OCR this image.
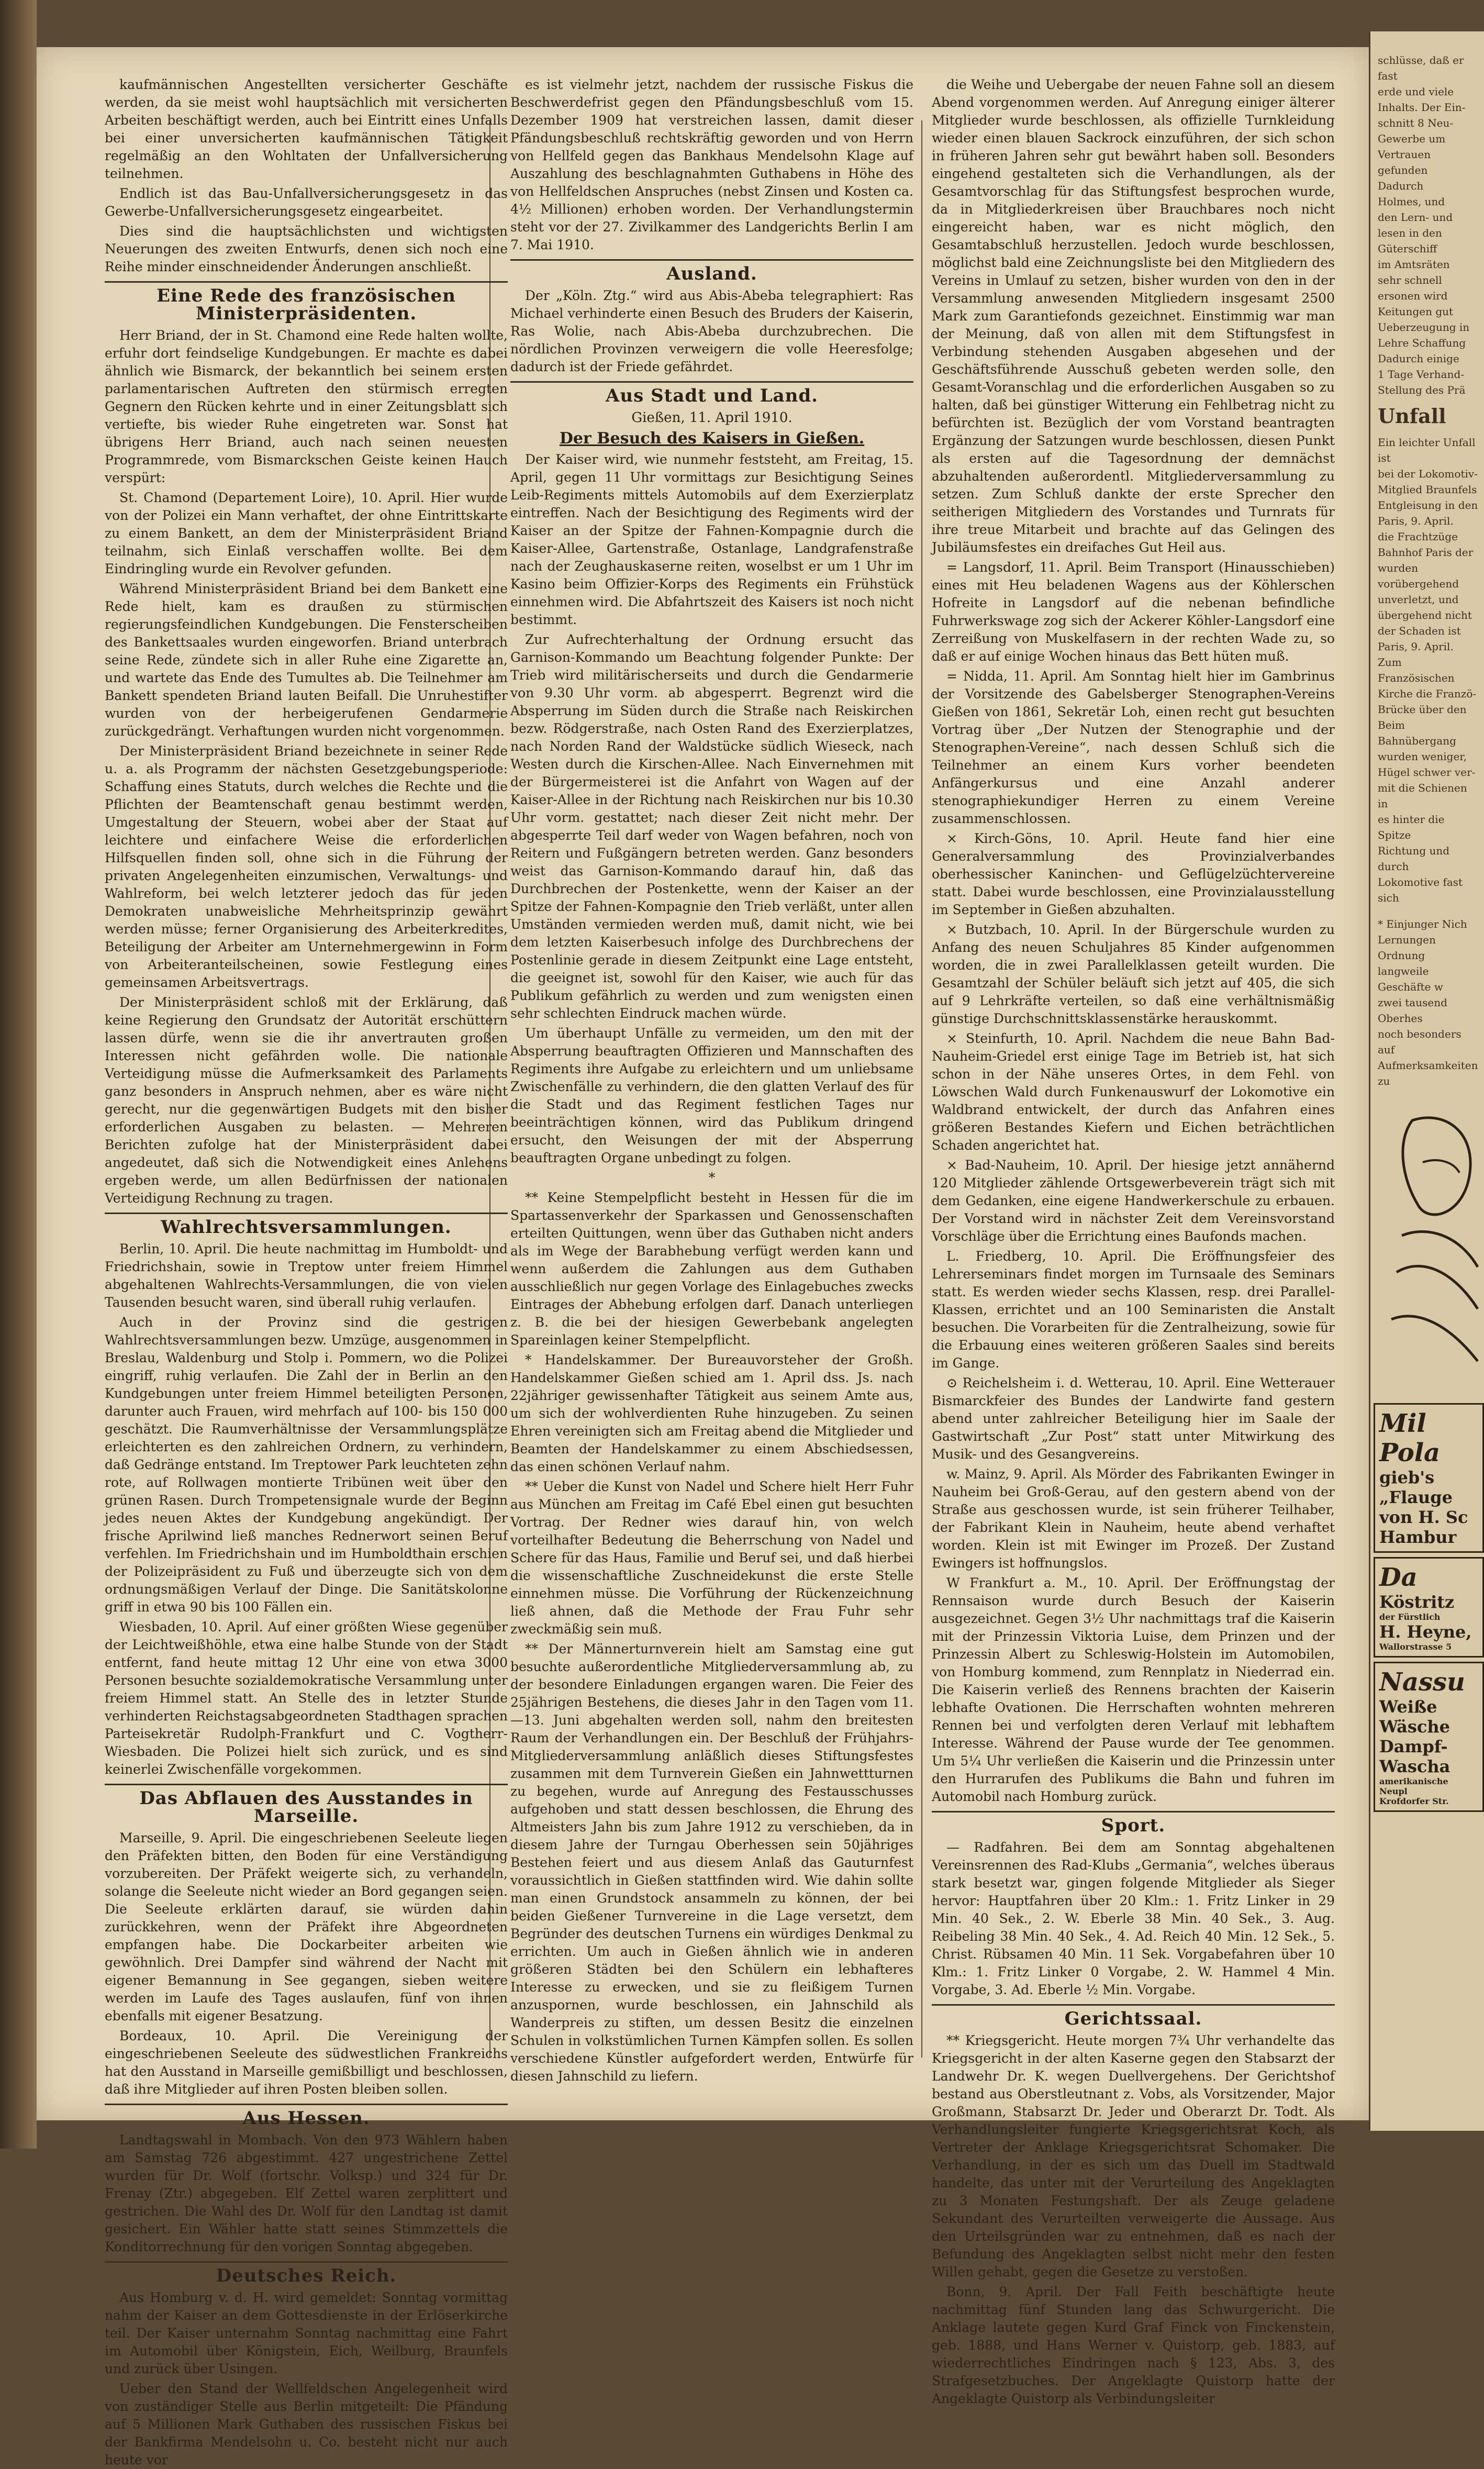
kaufmännischen Angestellten versicherter Geschäfte werden, da sie meist wohl hauptsächlich mit versicherten Arbeiten beschäftigt werden, auch bei Eintritt eines Unfalls bei einer unversicherten kaufmännischen Tätigkeit regelmäßig an den Wohltaten der Unfallversicherung teilnehmen.

Endlich ist das Bau-Unfallversicherungsgesetz in das Gewerbe-Unfallversicherungsgesetz eingearbeitet.

Dies sind die hauptsächlichsten und wichtigsten Neuerungen des zweiten Entwurfs, denen sich noch eine Reihe minder einschneidender Änderungen anschließt.

Eine Rede des französischen Ministerpräsidenten.

Herr Briand, der in St. Chamond eine Rede halten wollte, erfuhr dort feindselige Kundgebungen. Er machte es dabei ähnlich wie Bismarck, der bekanntlich bei seinem ersten parlamentarischen Auftreten den stürmisch erregten Gegnern den Rücken kehrte und in einer Zeitungsblatt sich vertiefte, bis wieder Ruhe eingetreten war. Sonst hat übrigens Herr Briand, auch nach seinen neuesten Programmrede, vom Bismarckschen Geiste keinen Hauch verspürt:

St. Chamond (Departement Loire), 10. April. Hier wurde von der Polizei ein Mann verhaftet, der ohne Eintrittskarte zu einem Bankett, an dem der Ministerpräsident Briand teilnahm, sich Einlaß verschaffen wollte. Bei dem Eindringling wurde ein Revolver gefunden.

Während Ministerpräsident Briand bei dem Bankett eine Rede hielt, kam es draußen zu stürmischen regierungsfeindlichen Kundgebungen. Die Fensterscheiben des Bankettsaales wurden eingeworfen. Briand unterbrach seine Rede, zündete sich in aller Ruhe eine Zigarette an, und wartete das Ende des Tumultes ab. Die Teilnehmer am Bankett spendeten Briand lauten Beifall. Die Unruhestifter wurden von der herbeigerufenen Gendarmerie zurückgedrängt. Verhaftungen wurden nicht vorgenommen.

Der Ministerpräsident Briand bezeichnete in seiner Rede u. a. als Programm der nächsten Gesetzgebungsperiode: Schaffung eines Statuts, durch welches die Rechte und die Pflichten der Beamtenschaft genau bestimmt werden, Umgestaltung der Steuern, wobei aber der Staat auf leichtere und einfachere Weise die erforderlichen Hilfsquellen finden soll, ohne sich in die Führung der privaten Angelegenheiten einzumischen, Verwaltungs- und Wahlreform, bei welch letzterer jedoch das für jeden Demokraten unabweisliche Mehrheitsprinzip gewährt werden müsse; ferner Organisierung des Arbeiterkredites, Beteiligung der Arbeiter am Unternehmergewinn in Form von Arbeiteranteilscheinen, sowie Festlegung eines gemeinsamen Arbeitsvertrags.

Der Ministerpräsident schloß mit der Erklärung, daß keine Regierung den Grundsatz der Autorität erschüttern lassen dürfe, wenn sie die ihr anvertrauten großen Interessen nicht gefährden wolle. Die nationale Verteidigung müsse die Aufmerksamkeit des Parlaments ganz besonders in Anspruch nehmen, aber es wäre nicht gerecht, nur die gegenwärtigen Budgets mit den bisher erforderlichen Ausgaben zu belasten. — Mehreren Berichten zufolge hat der Ministerpräsident dabei angedeutet, daß sich die Notwendigkeit eines Anlehens ergeben werde, um allen Bedürfnissen der nationalen Verteidigung Rechnung zu tragen.

Wahlrechtsversammlungen.

Berlin, 10. April. Die heute nachmittag im Humboldt- und Friedrichshain, sowie in Treptow unter freiem Himmel abgehaltenen Wahlrechts-Versammlungen, die von vielen Tausenden besucht waren, sind überall ruhig verlaufen.

Auch in der Provinz sind die gestrigen Wahlrechtsversammlungen bezw. Umzüge, ausgenommen in Breslau, Waldenburg und Stolp i. Pommern, wo die Polizei eingriff, ruhig verlaufen. Die Zahl der in Berlin an den Kundgebungen unter freiem Himmel beteiligten Personen, darunter auch Frauen, wird mehrfach auf 100- bis 150 000 geschätzt. Die Raumverhältnisse der Versammlungsplätze erleichterten es den zahlreichen Ordnern, zu verhindern, daß Gedränge entstand. Im Treptower Park leuchteten zehn rote, auf Rollwagen montierte Tribünen weit über den grünen Rasen. Durch Trompetensignale wurde der Beginn jedes neuen Aktes der Kundgebung angekündigt. Der frische Aprilwind ließ manches Rednerwort seinen Beruf verfehlen. Im Friedrichshain und im Humboldthain erschien der Polizeipräsident zu Fuß und überzeugte sich von dem ordnungsmäßigen Verlauf der Dinge. Die Sanitätskolonne griff in etwa 90 bis 100 Fällen ein.

Wiesbaden, 10. April. Auf einer größten Wiese gegenüber der Leichtweißhöhle, etwa eine halbe Stunde von der Stadt entfernt, fand heute mittag 12 Uhr eine von etwa 3000 Personen besuchte sozialdemokratische Versammlung unter freiem Himmel statt. An Stelle des in letzter Stunde verhinderten Reichstagsabgeordneten Stadthagen sprachen Parteisekretär Rudolph-Frankfurt und C. Vogtherr-Wiesbaden. Die Polizei hielt sich zurück, und es sind keinerlei Zwischenfälle vorgekommen.

Das Abflauen des Ausstandes in Marseille.

Marseille, 9. April. Die eingeschriebenen Seeleute liegen den Präfekten bitten, den Boden für eine Verständigung vorzubereiten. Der Präfekt weigerte sich, zu verhandeln, solange die Seeleute nicht wieder an Bord gegangen seien. Die Seeleute erklärten darauf, sie würden dahin zurückkehren, wenn der Präfekt ihre Abgeordneten empfangen habe. Die Dockarbeiter arbeiten wie gewöhnlich. Drei Dampfer sind während der Nacht mit eigener Bemannung in See gegangen, sieben weitere werden im Laufe des Tages auslaufen, fünf von ihnen ebenfalls mit eigener Besatzung.

Bordeaux, 10. April. Die Vereinigung der eingeschriebenen Seeleute des südwestlichen Frankreichs hat den Ausstand in Marseille gemißbilligt und beschlossen, daß ihre Mitglieder auf ihren Posten bleiben sollen.

Aus Hessen.

Landtagswahl in Mombach. Von den 973 Wählern haben am Samstag 726 abgestimmt. 427 ungestrichene Zettel wurden für Dr. Wolf (fortschr. Volksp.) und 324 für Dr. Frenay (Ztr.) abgegeben. Elf Zettel waren zerplittert und gestrichen. Die Wahl des Dr. Wolf für den Landtag ist damit gesichert. Ein Wähler hatte statt seines Stimmzettels die Konditorrechnung für den vorigen Sonntag abgegeben.

Deutsches Reich.

Aus Homburg v. d. H. wird gemeldet: Sonntag vormittag nahm der Kaiser an dem Gottesdienste in der Erlöserkirche teil. Der Kaiser unternahm Sonntag nachmittag eine Fahrt im Automobil über Königstein, Eich, Weilburg, Braunfels und zurück über Usingen.

Ueber den Stand der Wellfeldschen Angelegenheit wird von zuständiger Stelle aus Berlin mitgeteilt: Die Pfändung auf 5 Millionen Mark Guthaben des russischen Fiskus bei der Bankfirma Mendelsohn u. Co. besteht nicht nur auch heute vor

es ist vielmehr jetzt, nachdem der russische Fiskus die Beschwerdefrist gegen den Pfändungsbeschluß vom 15. Dezember 1909 hat verstreichen lassen, damit dieser Pfändungsbeschluß rechtskräftig geworden und von Herrn von Hellfeld gegen das Bankhaus Mendelsohn Klage auf Auszahlung des beschlagnahmten Guthabens in Höhe des von Hellfeldschen Anspruches (nebst Zinsen und Kosten ca. 4½ Millionen) erhoben worden. Der Verhandlungstermin steht vor der 27. Zivilkammer des Landgerichts Berlin I am 7. Mai 1910.

Ausland.

Der „Köln. Ztg.“ wird aus Abis-Abeba telegraphiert: Ras Michael verhinderte einen Besuch des Bruders der Kaiserin, Ras Wolie, nach Abis-Abeba durchzubrechen. Die nördlichen Provinzen verweigern die volle Heeresfolge; dadurch ist der Friede gefährdet.

Aus Stadt und Land.
Gießen, 11. April 1910.
Der Besuch des Kaisers in Gießen.

Der Kaiser wird, wie nunmehr feststeht, am Freitag, 15. April, gegen 11 Uhr vormittags zur Besichtigung Seines Leib-Regiments mittels Automobils auf dem Exerzierplatz eintreffen. Nach der Besichtigung des Regiments wird der Kaiser an der Spitze der Fahnen-Kompagnie durch die Kaiser-Allee, Gartenstraße, Ostanlage, Landgrafenstraße nach der Zeughauskaserne reiten, woselbst er um 1 Uhr im Kasino beim Offizier-Korps des Regiments ein Frühstück einnehmen wird. Die Abfahrtszeit des Kaisers ist noch nicht bestimmt.

Zur Aufrechterhaltung der Ordnung ersucht das Garnison-Kommando um Beachtung folgender Punkte: Der Trieb wird militärischerseits und durch die Gendarmerie von 9.30 Uhr vorm. ab abgesperrt. Begrenzt wird die Absperrung im Süden durch die Straße nach Reiskirchen bezw. Rödgerstraße, nach Osten Rand des Exerzierplatzes, nach Norden Rand der Waldstücke südlich Wieseck, nach Westen durch die Kirschen-Allee. Nach Einvernehmen mit der Bürgermeisterei ist die Anfahrt von Wagen auf der Kaiser-Allee in der Richtung nach Reiskirchen nur bis 10.30 Uhr vorm. gestattet; nach dieser Zeit nicht mehr. Der abgesperrte Teil darf weder von Wagen befahren, noch von Reitern und Fußgängern betreten werden. Ganz besonders weist das Garnison-Kommando darauf hin, daß das Durchbrechen der Postenkette, wenn der Kaiser an der Spitze der Fahnen-Kompagnie den Trieb verläßt, unter allen Umständen vermieden werden muß, damit nicht, wie bei dem letzten Kaiserbesuch infolge des Durchbrechens der Postenlinie gerade in diesem Zeitpunkt eine Lage entsteht, die geeignet ist, sowohl für den Kaiser, wie auch für das Publikum gefährlich zu werden und zum wenigsten einen sehr schlechten Eindruck machen würde.

Um überhaupt Unfälle zu vermeiden, um den mit der Absperrung beauftragten Offizieren und Mannschaften des Regiments ihre Aufgabe zu erleichtern und um unliebsame Zwischenfälle zu verhindern, die den glatten Verlauf des für die Stadt und das Regiment festlichen Tages nur beeinträchtigen können, wird das Publikum dringend ersucht, den Weisungen der mit der Absperrung beauftragten Organe unbedingt zu folgen.

*

** Keine Stempelpflicht besteht in Hessen für die im Spartassenverkehr der Sparkassen und Genossenschaften erteilten Quittungen, wenn über das Guthaben nicht anders als im Wege der Barabhebung verfügt werden kann und wenn außerdem die Zahlungen aus dem Guthaben ausschließlich nur gegen Vorlage des Einlagebuches zwecks Eintrages der Abhebung erfolgen darf. Danach unterliegen z. B. die bei der hiesigen Gewerbebank angelegten Spareinlagen keiner Stempelpflicht.

* Handelskammer. Der Bureauvorsteher der Großh. Handelskammer Gießen schied am 1. April dss. Js. nach 22jähriger gewissenhafter Tätigkeit aus seinem Amte aus, um sich der wohlverdienten Ruhe hinzugeben. Zu seinen Ehren vereinigten sich am Freitag abend die Mitglieder und Beamten der Handelskammer zu einem Abschiedsessen, das einen schönen Verlauf nahm.

** Ueber die Kunst von Nadel und Schere hielt Herr Fuhr aus München am Freitag im Café Ebel einen gut besuchten Vortrag. Der Redner wies darauf hin, von welch vorteilhafter Bedeutung die Beherrschung von Nadel und Schere für das Haus, Familie und Beruf sei, und daß hierbei die wissenschaftliche Zuschneidekunst die erste Stelle einnehmen müsse. Die Vorführung der Rückenzeichnung ließ ahnen, daß die Methode der Frau Fuhr sehr zweckmäßig sein muß.

** Der Männerturnverein hielt am Samstag eine gut besuchte außerordentliche Mitgliederversammlung ab, zu der besondere Einladungen ergangen waren. Die Feier des 25jährigen Bestehens, die dieses Jahr in den Tagen vom 11.—13. Juni abgehalten werden soll, nahm den breitesten Raum der Verhandlungen ein. Der Beschluß der Frühjahrs-Mitgliederversammlung anläßlich dieses Stiftungsfestes zusammen mit dem Turnverein Gießen ein Jahnwettturnen zu begehen, wurde auf Anregung des Festausschusses aufgehoben und statt dessen beschlossen, die Ehrung des Altmeisters Jahn bis zum Jahre 1912 zu verschieben, da in diesem Jahre der Turngau Oberhessen sein 50jähriges Bestehen feiert und aus diesem Anlaß das Gauturnfest voraussichtlich in Gießen stattfinden wird. Wie dahin sollte man einen Grundstock ansammeln zu können, der bei beiden Gießener Turnvereine in die Lage versetzt, dem Begründer des deutschen Turnens ein würdiges Denkmal zu errichten. Um auch in Gießen ähnlich wie in anderen größeren Städten bei den Schülern ein lebhafteres Interesse zu erwecken, und sie zu fleißigem Turnen anzuspornen, wurde beschlossen, ein Jahnschild als Wanderpreis zu stiften, um dessen Besitz die einzelnen Schulen in volkstümlichen Turnen Kämpfen sollen. Es sollen verschiedene Künstler aufgefordert werden, Entwürfe für diesen Jahnschild zu liefern.

die Weihe und Uebergabe der neuen Fahne soll an diesem Abend vorgenommen werden. Auf Anregung einiger älterer Mitglieder wurde beschlossen, als offizielle Turnkleidung wieder einen blauen Sackrock einzuführen, der sich schon in früheren Jahren sehr gut bewährt haben soll. Besonders eingehend gestalteten sich die Verhandlungen, als der Gesamtvorschlag für das Stiftungsfest besprochen wurde, da in Mitgliederkreisen über Brauchbares noch nicht eingereicht haben, war es nicht möglich, den Gesamtabschluß herzustellen. Jedoch wurde beschlossen, möglichst bald eine Zeichnungsliste bei den Mitgliedern des Vereins in Umlauf zu setzen, bisher wurden von den in der Versammlung anwesenden Mitgliedern insgesamt 2500 Mark zum Garantiefonds gezeichnet. Einstimmig war man der Meinung, daß von allen mit dem Stiftungsfest in Verbindung stehenden Ausgaben abgesehen und der Geschäftsführende Ausschuß gebeten werden solle, den Gesamt-Voranschlag und die erforderlichen Ausgaben so zu halten, daß bei günstiger Witterung ein Fehlbetrag nicht zu befürchten ist. Bezüglich der vom Vorstand beantragten Ergänzung der Satzungen wurde beschlossen, diesen Punkt als ersten auf die Tagesordnung der demnächst abzuhaltenden außerordentl. Mitgliederversammlung zu setzen. Zum Schluß dankte der erste Sprecher den seitherigen Mitgliedern des Vorstandes und Turnrats für ihre treue Mitarbeit und brachte auf das Gelingen des Jubiläumsfestes ein dreifaches Gut Heil aus.

= Langsdorf, 11. April. Beim Transport (Hinausschieben) eines mit Heu beladenen Wagens aus der Köhlerschen Hofreite in Langsdorf auf die nebenan befindliche Fuhrwerkswage zog sich der Ackerer Köhler-Langsdorf eine Zerreißung von Muskelfasern in der rechten Wade zu, so daß er auf einige Wochen hinaus das Bett hüten muß.

= Nidda, 11. April. Am Sonntag hielt hier im Gambrinus der Vorsitzende des Gabelsberger Stenographen-Vereins Gießen von 1861, Sekretär Loh, einen recht gut besuchten Vortrag über „Der Nutzen der Stenographie und der Stenographen-Vereine“, nach dessen Schluß sich die Teilnehmer an einem Kurs vorher beendeten Anfängerkursus und eine Anzahl anderer stenographiekundiger Herren zu einem Vereine zusammenschlossen.

× Kirch-Göns, 10. April. Heute fand hier eine Generalversammlung des Provinzialverbandes oberhessischer Kaninchen- und Geflügelzüchtervereine statt. Dabei wurde beschlossen, eine Provinzialausstellung im September in Gießen abzuhalten.

× Butzbach, 10. April. In der Bürgerschule wurden zu Anfang des neuen Schuljahres 85 Kinder aufgenommen worden, die in zwei Parallelklassen geteilt wurden. Die Gesamtzahl der Schüler beläuft sich jetzt auf 405, die sich auf 9 Lehrkräfte verteilen, so daß eine verhältnismäßig günstige Durchschnittsklassenstärke herauskommt.

× Steinfurth, 10. April. Nachdem die neue Bahn Bad-Nauheim-Griedel erst einige Tage im Betrieb ist, hat sich schon in der Nähe unseres Ortes, in dem Fehl. von Löwschen Wald durch Funkenauswurf der Lokomotive ein Waldbrand entwickelt, der durch das Anfahren eines größeren Bestandes Kiefern und Eichen beträchtlichen Schaden angerichtet hat.

× Bad-Nauheim, 10. April. Der hiesige jetzt annähernd 120 Mitglieder zählende Ortsgewerbeverein trägt sich mit dem Gedanken, eine eigene Handwerkerschule zu erbauen. Der Vorstand wird in nächster Zeit dem Vereinsvorstand Vorschläge über die Errichtung eines Baufonds machen.

L. Friedberg, 10. April. Die Eröffnungsfeier des Lehrerseminars findet morgen im Turnsaale des Seminars statt. Es werden wieder sechs Klassen, resp. drei Parallel-Klassen, errichtet und an 100 Seminaristen die Anstalt besuchen. Die Vorarbeiten für die Zentralheizung, sowie für die Erbauung eines weiteren größeren Saales sind bereits im Gange.

⊙ Reichelsheim i. d. Wetterau, 10. April. Eine Wetterauer Bismarckfeier des Bundes der Landwirte fand gestern abend unter zahlreicher Beteiligung hier im Saale der Gastwirtschaft „Zur Post“ statt unter Mitwirkung des Musik- und des Gesangvereins.

w. Mainz, 9. April. Als Mörder des Fabrikanten Ewinger in Nauheim bei Groß-Gerau, auf den gestern abend von der Straße aus geschossen wurde, ist sein früherer Teilhaber, der Fabrikant Klein in Nauheim, heute abend verhaftet worden. Klein ist mit Ewinger im Prozeß. Der Zustand Ewingers ist hoffnungslos.

W Frankfurt a. M., 10. April. Der Eröffnungstag der Rennsaison wurde durch Besuch der Kaiserin ausgezeichnet. Gegen 3½ Uhr nachmittags traf die Kaiserin mit der Prinzessin Viktoria Luise, dem Prinzen und der Prinzessin Albert zu Schleswig-Holstein im Automobilen, von Homburg kommend, zum Rennplatz in Niederrad ein. Die Kaiserin verließ des Rennens brachten der Kaiserin lebhafte Ovationen. Die Herrschaften wohnten mehreren Rennen bei und verfolgten deren Verlauf mit lebhaftem Interesse. Während der Pause wurde der Tee genommen. Um 5¼ Uhr verließen die Kaiserin und die Prinzessin unter den Hurrarufen des Publikums die Bahn und fuhren im Automobil nach Homburg zurück.

Sport.

— Radfahren. Bei dem am Sonntag abgehaltenen Vereinsrennen des Rad-Klubs „Germania“, welches überaus stark besetzt war, gingen folgende Mitglieder als Sieger hervor: Hauptfahren über 20 Klm.: 1. Fritz Linker in 29 Min. 40 Sek., 2. W. Eberle 38 Min. 40 Sek., 3. Aug. Reibeling 38 Min. 40 Sek., 4. Ad. Reich 40 Min. 12 Sek., 5. Christ. Rübsamen 40 Min. 11 Sek. Vorgabefahren über 10 Klm.: 1. Fritz Linker 0 Vorgabe, 2. W. Hammel 4 Min. Vorgabe, 3. Ad. Eberle ½ Min. Vorgabe.

Gerichtssaal.

** Kriegsgericht. Heute morgen 7¾ Uhr verhandelte das Kriegsgericht in der alten Kaserne gegen den Stabsarzt der Landwehr Dr. K. wegen Duellvergehens. Der Gerichtshof bestand aus Oberstleutnant z. Vobs, als Vorsitzender, Major Großmann, Stabsarzt Dr. Jeder und Oberarzt Dr. Todt. Als Verhandlungsleiter fungierte Kriegsgerichtsrat Koch, als Vertreter der Anklage Kriegsgerichtsrat Schomaker. Die Verhandlung, in der es sich um das Duell im Stadtwald handelte, das unter mit der Verurteilung des Angeklagten zu 3 Monaten Festungshaft. Der als Zeuge geladene Sekundant des Verurteilten verweigerte die Aussage. Aus den Urteilsgründen war zu entnehmen, daß es nach der Befundung des Angeklagten selbst nicht mehr den festen Willen gehabt, gegen die Gesetze zu verstoßen.

Bonn, 9. April. Der Fall Feith beschäftigte heute nachmittag fünf Stunden lang das Schwurgericht. Die Anklage lautete gegen Kurd Graf Finck von Finckenstein, geb. 1888, und Hans Werner v. Quistorp, geb. 1883, auf wiederrechtliches Eindringen nach § 123, Abs. 3, des Strafgesetzbuches. Der Angeklagte Quistorp hatte der Angeklagte Quistorp als Verbindungsleiter

schlüsse, daß er fast
erde und viele
Inhalts. Der Ein-
schnitt 8 Neu-
Gewerbe um
Vertrauen gefunden
Dadurch
Holmes, und
den Lern- und
lesen in den
Güterschiff
im Amtsräten
sehr schnell
ersonen wird
Keitungen gut
Ueberzeugung in
Lehre Schaffung
Dadurch einige
1 Tage Verhand-
Stellung des Prä
Unfall
Ein leichter Unfall ist
bei der Lokomotiv-
Mitglied Braunfels
Entgleisung in den
Paris, 9. April.
die Frachtzüge
Bahnhof Paris der
wurden vorübergehend
unverletzt, und
übergehend nicht
der Schaden ist
Paris, 9. April.
Zum Französischen
Kirche die Franzö-
Brücke über den
Beim Bahnübergang
wurden weniger,
Hügel schwer ver-
mit die Schienen in
es hinter die Spitze
Richtung und durch
Lokomotive fast sich
* Einjunger Nich
Lernungen Ordnung
langweile Geschäfte w
zwei tausend Oberhes
noch besonders auf
Aufmerksamkeiten zu
Mil
Pola
gieb's
„Flauge
von H. Sc
Hambur
Da
Köstritz
der Fürstlich
H. Heyne,
Wallorstrasse 5
Nassu
Weiße Wäsche
Dampf-Wascha
amerikanische Neupl
Krofdorfer Str.
